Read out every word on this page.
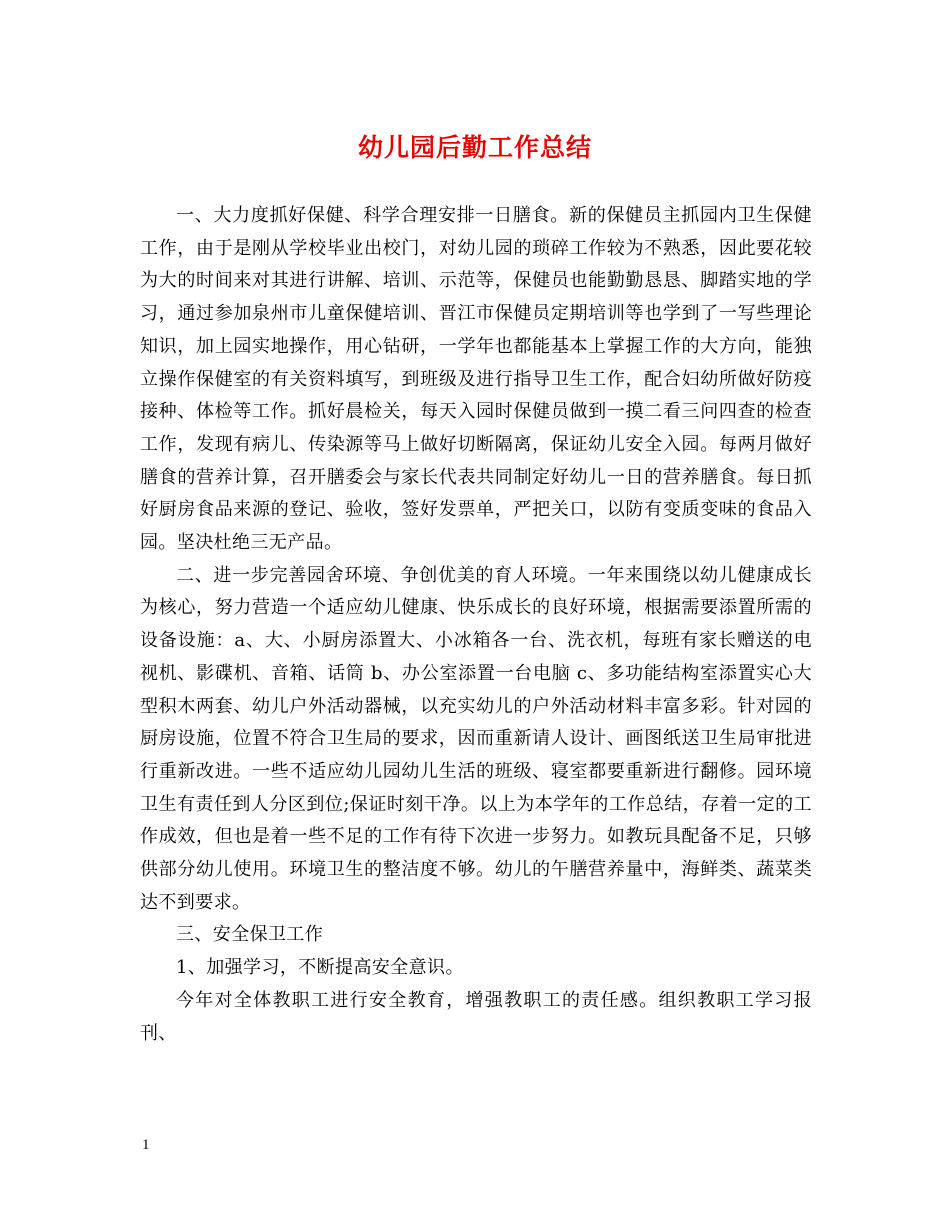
幼儿园后勤工作总结

一、大力度抓好保健、科学合理安排一日膳食。新的保健员主抓园内卫生保健工作，由于是刚从学校毕业出校门，对幼儿园的琐碎工作较为不熟悉，因此要花较为大的时间来对其进行讲解、培训、示范等，保健员也能勤勤恳恳、脚踏实地的学习，通过参加泉州市儿童保健培训、晋江市保健员定期培训等也学到了一写些理论知识，加上园实地操作，用心钻研，一学年也都能基本上掌握工作的大方向，能独立操作保健室的有关资料填写，到班级及进行指导卫生工作，配合妇幼所做好防疫接种、体检等工作。抓好晨检关，每天入园时保健员做到一摸二看三问四查的检查工作，发现有病儿、传染源等马上做好切断隔离，保证幼儿安全入园。每两月做好膳食的营养计算，召开膳委会与家长代表共同制定好幼儿一日的营养膳食。每日抓好厨房食品来源的登记、验收，签好发票单，严把关口，以防有变质变味的食品入园。坚决杜绝三无产品。

二、进一步完善园舍环境、争创优美的育人环境。一年来围绕以幼儿健康成长为核心，努力营造一个适应幼儿健康、快乐成长的良好环境，根据需要添置所需的设备设施：a、大、小厨房添置大、小冰箱各一台、洗衣机，每班有家长赠送的电视机、影碟机、音箱、话筒 b、办公室添置一台电脑 c、多功能结构室添置实心大型积木两套、幼儿户外活动器械，以充实幼儿的户外活动材料丰富多彩。针对园的厨房设施，位置不符合卫生局的要求，因而重新请人设计、画图纸送卫生局审批进行重新改进。一些不适应幼儿园幼儿生活的班级、寝室都要重新进行翻修。园环境卫生有责任到人分区到位;保证时刻干净。以上为本学年的工作总结，存着一定的工作成效，但也是着一些不足的工作有待下次进一步努力。如教玩具配备不足，只够供部分幼儿使用。环境卫生的整洁度不够。幼儿的午膳营养量中，海鲜类、蔬菜类达不到要求。

三、安全保卫工作

1、加强学习，不断提高安全意识。

今年对全体教职工进行安全教育，增强教职工的责任感。组织教职工学习报刊、

1
